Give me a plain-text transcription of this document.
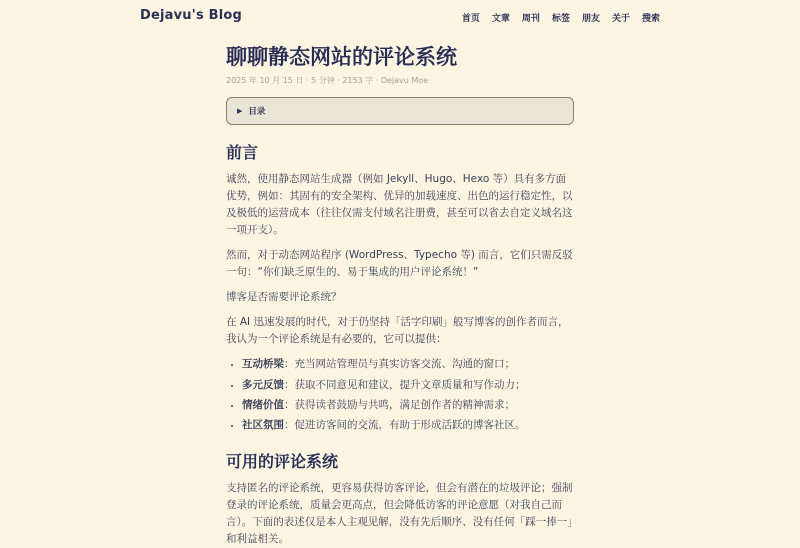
Dejavu's Blog	首页 文章 周刊 标签 朋友 关于 搜索
聊聊静态网站的评论系统
2025 年 10 月 15 日 · 5 分钟 · 2153 字 · Dejavu Moe
▶ 目录
前言

诚然，使用静态网站生成器（例如 Jekyll、Hugo、Hexo 等）具有多方面优势，例如：其固有的安全架构、优异的加载速度、出色的运行稳定性，以及极低的运营成本（往往仅需支付域名注册费，甚至可以省去自定义域名这一项开支）。

然而，对于动态网站程序 (WordPress、Typecho 等) 而言，它们只需反驳一句：“你们缺乏原生的、易于集成的用户评论系统！”

博客是否需要评论系统？

在 AI 迅速发展的时代，对于仍坚持「活字印刷」般写博客的创作者而言，我认为一个评论系统是有必要的，它可以提供：

• 互动桥梁：充当网站管理员与真实访客交流、沟通的窗口；
• 多元反馈：获取不同意见和建议，提升文章质量和写作动力；
• 情绪价值：获得读者鼓励与共鸣，满足创作者的精神需求；
• 社区氛围：促进访客间的交流，有助于形成活跃的博客社区。
可用的评论系统

支持匿名的评论系统，更容易获得访客评论，但会有潜在的垃圾评论；强制登录的评论系统，质量会更高点，但会降低访客的评论意愿（对我自己而言）。下面的表述仅是本人主观见解，没有先后顺序、没有任何「踩一捧一」和利益相关。
